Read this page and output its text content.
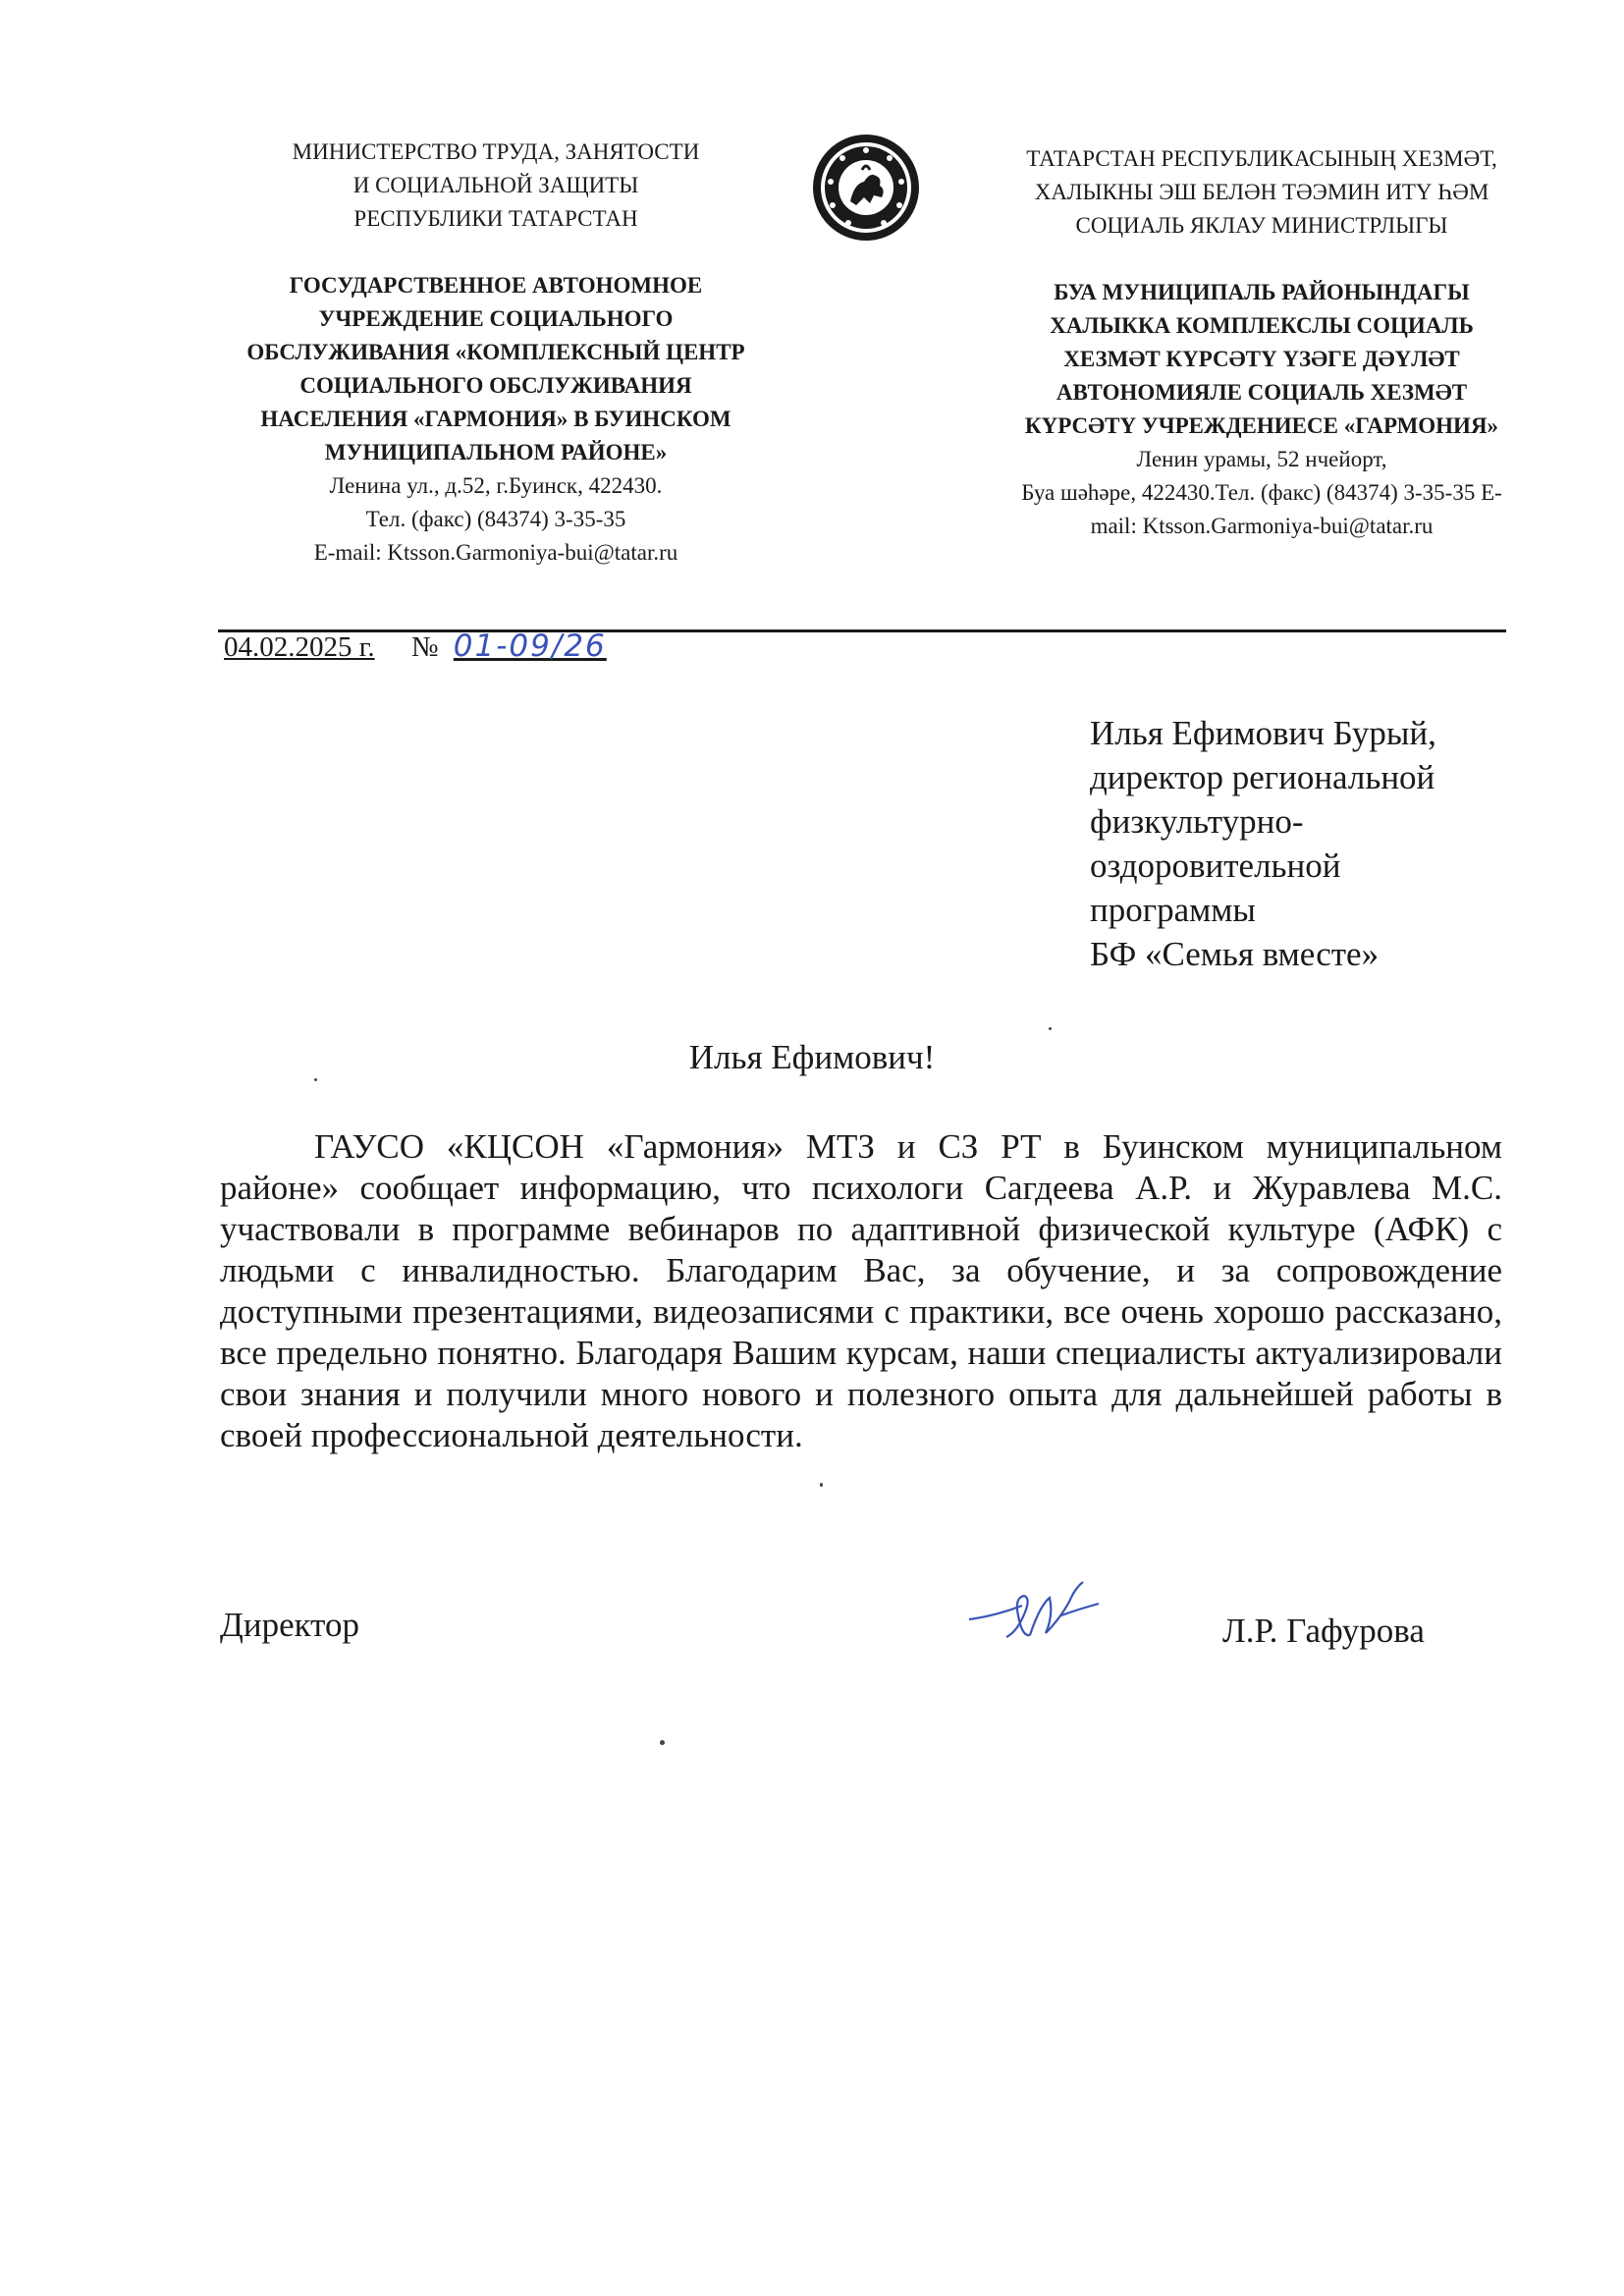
МИНИСТЕРСТВО ТРУДА, ЗАНЯТОСТИ
И СОЦИАЛЬНОЙ ЗАЩИТЫ
РЕСПУБЛИКИ ТАТАРСТАН
ГОСУДАРСТВЕННОЕ АВТОНОМНОЕ
УЧРЕЖДЕНИЕ СОЦИАЛЬНОГО
ОБСЛУЖИВАНИЯ «КОМПЛЕКСНЫЙ ЦЕНТР
СОЦИАЛЬНОГО ОБСЛУЖИВАНИЯ
НАСЕЛЕНИЯ «ГАРМОНИЯ» В БУИНСКОМ
МУНИЦИПАЛЬНОМ РАЙОНЕ»
Ленина ул., д.52, г.Буинск, 422430.
Тел. (факс) (84374) 3-35-35
E-mail: Ktsson.Garmoniya-bui@tatar.ru
ТАТАРСТАН РЕСПУБЛИКАСЫНЫҢ ХЕЗМӘТ,
ХАЛЫКНЫ ЭШ БЕЛӘН ТӘЭМИН ИТҮ ҺӘМ
СОЦИАЛЬ ЯКЛАУ МИНИСТРЛЫГЫ
БУА МУНИЦИПАЛЬ РАЙОНЫНДАГЫ
ХАЛЫККА КОМПЛЕКСЛЫ СОЦИАЛЬ
ХЕЗМӘТ КҮРСӘТҮ ҮЗӘГЕ ДӘҮЛӘТ
АВТОНОМИЯЛЕ СОЦИАЛЬ ХЕЗМӘТ
КҮРСӘТҮ УЧРЕЖДЕНИЕСЕ «ГАРМОНИЯ»
Ленин урамы, 52 нчейорт,
Буа шәһәре, 422430.Тел. (факс) (84374) 3-35-35 E-
mail: Ktsson.Garmoniya-bui@tatar.ru
04.02.2025 г. № 01-09/26
Илья Ефимович Бурый,
директор региональной
физкультурно-
оздоровительной
программы
БФ «Семья вместе»
Илья Ефимович!
ГАУСО «КЦСОН «Гармония» МТЗ и СЗ РТ в Буинском муниципальном районе» сообщает информацию, что психологи Сагдеева А.Р. и Журавлева М.С. участвовали в программе вебинаров по адаптивной физической культуре (АФК) с людьми с инвалидностью. Благодарим Вас, за обучение, и за сопровождение доступными презентациями, видеозаписями с практики, все очень хорошо рассказано, все предельно понятно. Благодаря Вашим курсам, наши специалисты актуализировали свои знания и получили много нового и полезного опыта для дальнейшей работы в своей профессиональной деятельности.
Директор	Л.Р. Гафурова
